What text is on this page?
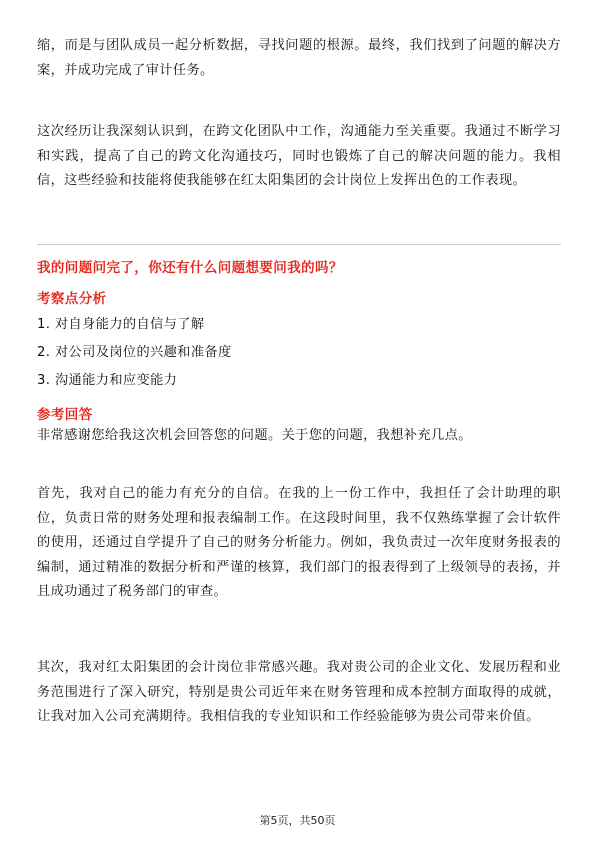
缩，而是与团队成员一起分析数据，寻找问题的根源。最终，我们找到了问题的解决方案，并成功完成了审计任务。

这次经历让我深刻认识到，在跨文化团队中工作，沟通能力至关重要。我通过不断学习和实践，提高了自己的跨文化沟通技巧，同时也锻炼了自己的解决问题的能力。我相信，这些经验和技能将使我能够在红太阳集团的会计岗位上发挥出色的工作表现。

我的问题问完了，你还有什么问题想要问我的吗？

考察点分析

1. 对自身能力的自信与了解

2. 对公司及岗位的兴趣和准备度

3. 沟通能力和应变能力

参考回答

非常感谢您给我这次机会回答您的问题。关于您的问题，我想补充几点。

首先，我对自己的能力有充分的自信。在我的上一份工作中，我担任了会计助理的职位，负责日常的财务处理和报表编制工作。在这段时间里，我不仅熟练掌握了会计软件的使用，还通过自学提升了自己的财务分析能力。例如，我负责过一次年度财务报表的编制，通过精准的数据分析和严谨的核算，我们部门的报表得到了上级领导的表扬，并且成功通过了税务部门的审查。

其次，我对红太阳集团的会计岗位非常感兴趣。我对贵公司的企业文化、发展历程和业务范围进行了深入研究，特别是贵公司近年来在财务管理和成本控制方面取得的成就，让我对加入公司充满期待。我相信我的专业知识和工作经验能够为贵公司带来价值。

第5页，共50页
